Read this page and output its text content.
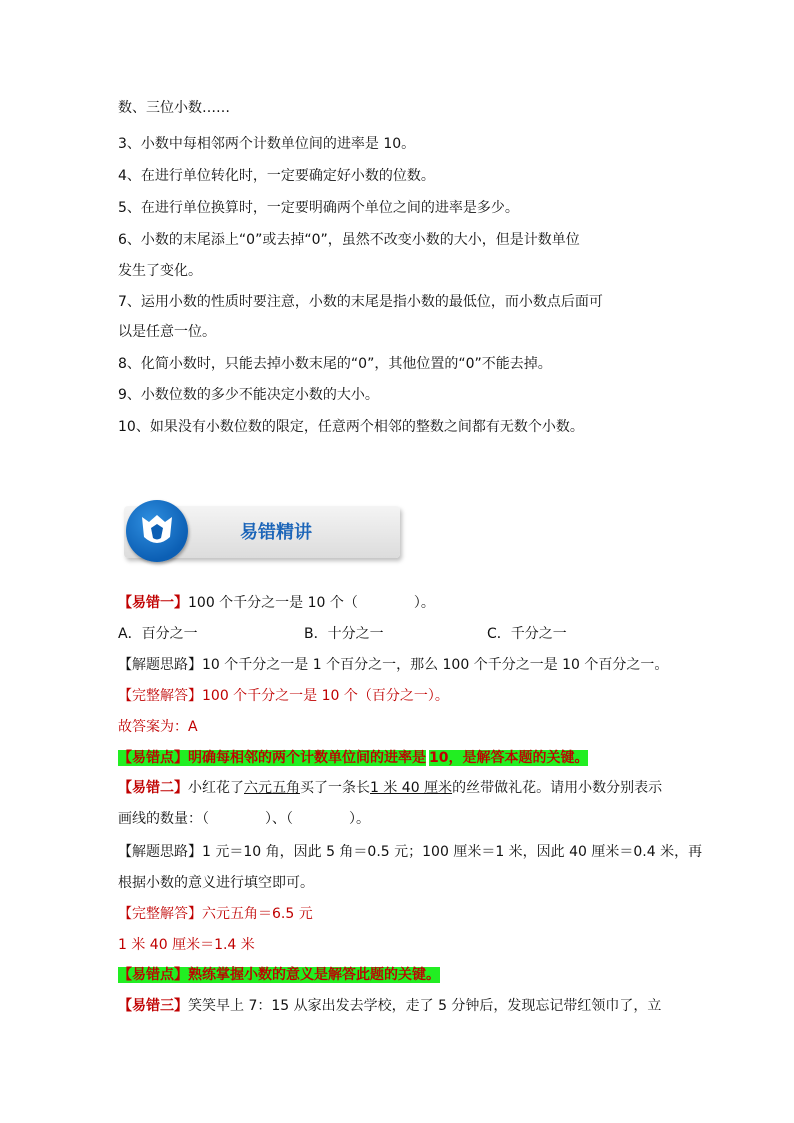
数、三位小数……
3、小数中每相邻两个计数单位间的进率是 10。
4、在进行单位转化时，一定要确定好小数的位数。
5、在进行单位换算时，一定要明确两个单位之间的进率是多少。
6、小数的末尾添上“0”或去掉“0”，虽然不改变小数的大小，但是计数单位
发生了变化。
7、运用小数的性质时要注意，小数的末尾是指小数的最低位，而小数点后面可
以是任意一位。
8、化简小数时，只能去掉小数末尾的“0”，其他位置的“0”不能去掉。
9、小数位数的多少不能决定小数的大小。
10、如果没有小数位数的限定，任意两个相邻的整数之间都有无数个小数。
易错精讲
【易错一】100 个千分之一是 10 个（　　　　）。
A．百分之一	B．十分之一	C．千分之一
【解题思路】10 个千分之一是 1 个百分之一，那么 100 个千分之一是 10 个百分之一。
【完整解答】100 个千分之一是 10 个（百分之一）。
故答案为：A
【易错点】明确每相邻的两个计数单位间的进率是 10，是解答本题的关键。
【易错二】小红花了六元五角买了一条长1 米 40 厘米的丝带做礼花。请用小数分别表示
画线的数量：（　　　　）、（　　　　）。
【解题思路】1 元＝10 角，因此 5 角＝0.5 元；100 厘米＝1 米，因此 40 厘米＝0.4 米，再
根据小数的意义进行填空即可。
【完整解答】六元五角＝6.5 元
1 米 40 厘米＝1.4 米
【易错点】熟练掌握小数的意义是解答此题的关键。
【易错三】笑笑早上 7：15 从家出发去学校，走了 5 分钟后，发现忘记带红领巾了，立
